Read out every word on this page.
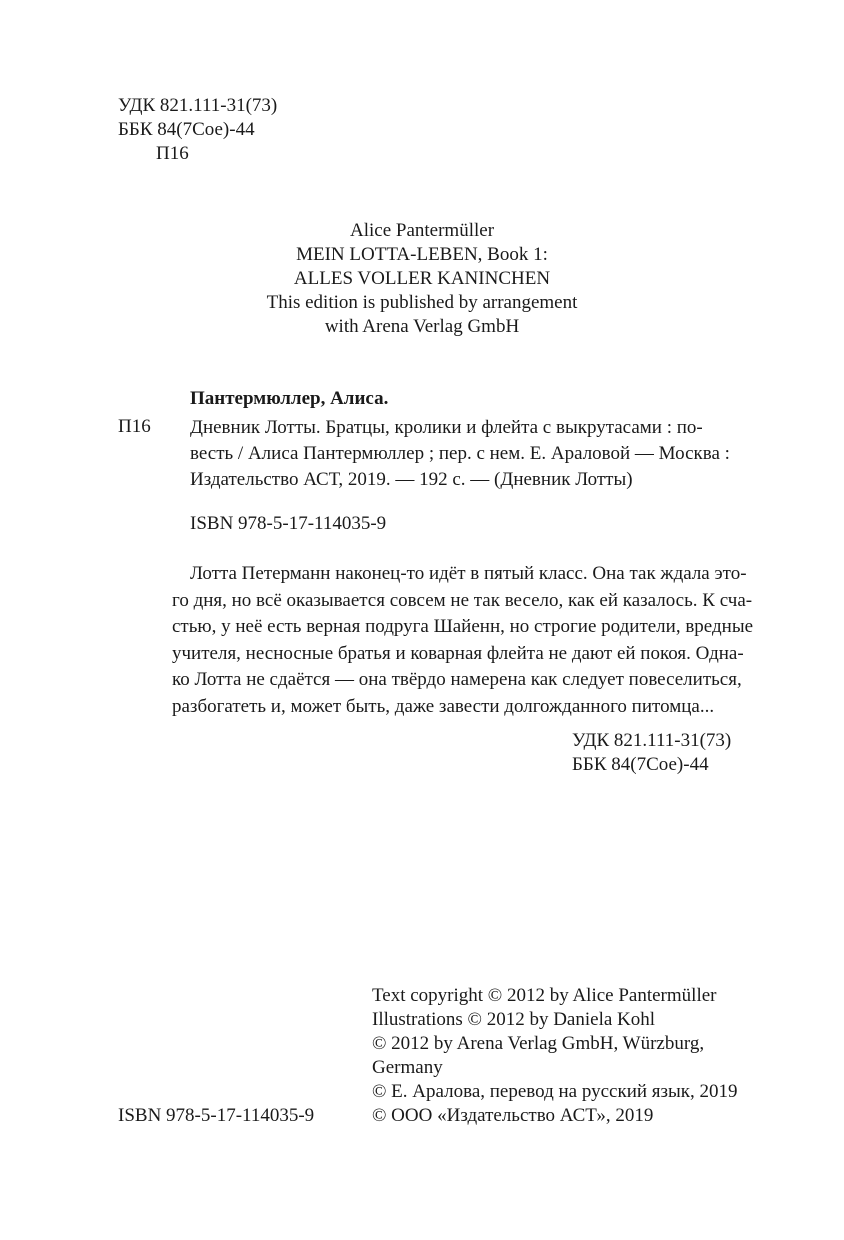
УДК 821.111-31(73)
ББК 84(7Сое)-44
П16
Alice Pantermüller
MEIN LOTTA-LEBEN, Book 1:
ALLES VOLLER KANINCHEN
This edition is published by arrangement
with Arena Verlag GmbH
Пантермюллер, Алиса.
П16 Дневник Лотты. Братцы, кролики и флейта с выкрутасами : по-
весть / Алиса Пантермюллер ; пер. с нем. Е. Араловой — Москва :
Издательство АСТ, 2019. — 192 с. — (Дневник Лотты)
ISBN 978-5-17-114035-9
Лотта Петерманн наконец-то идёт в пятый класс. Она так ждала это-
го дня, но всё оказывается совсем не так весело, как ей казалось. К сча-
стью, у неё есть верная подруга Шайенн, но строгие родители, вредные
учителя, несносные братья и коварная флейта не дают ей покоя. Одна-
ко Лотта не сдаётся — она твёрдо намерена как следует повеселиться,
разбогатеть и, может быть, даже завести долгожданного питомца...
УДК 821.111-31(73)
ББК 84(7Сое)-44
Text copyright © 2012 by Alice Pantermüller
Illustrations © 2012 by Daniela Kohl
© 2012 by Arena Verlag GmbH, Würzburg,
Germany
© Е. Аралова, перевод на русский язык, 2019
© ООО «Издательство АСТ», 2019
ISBN 978-5-17-114035-9
